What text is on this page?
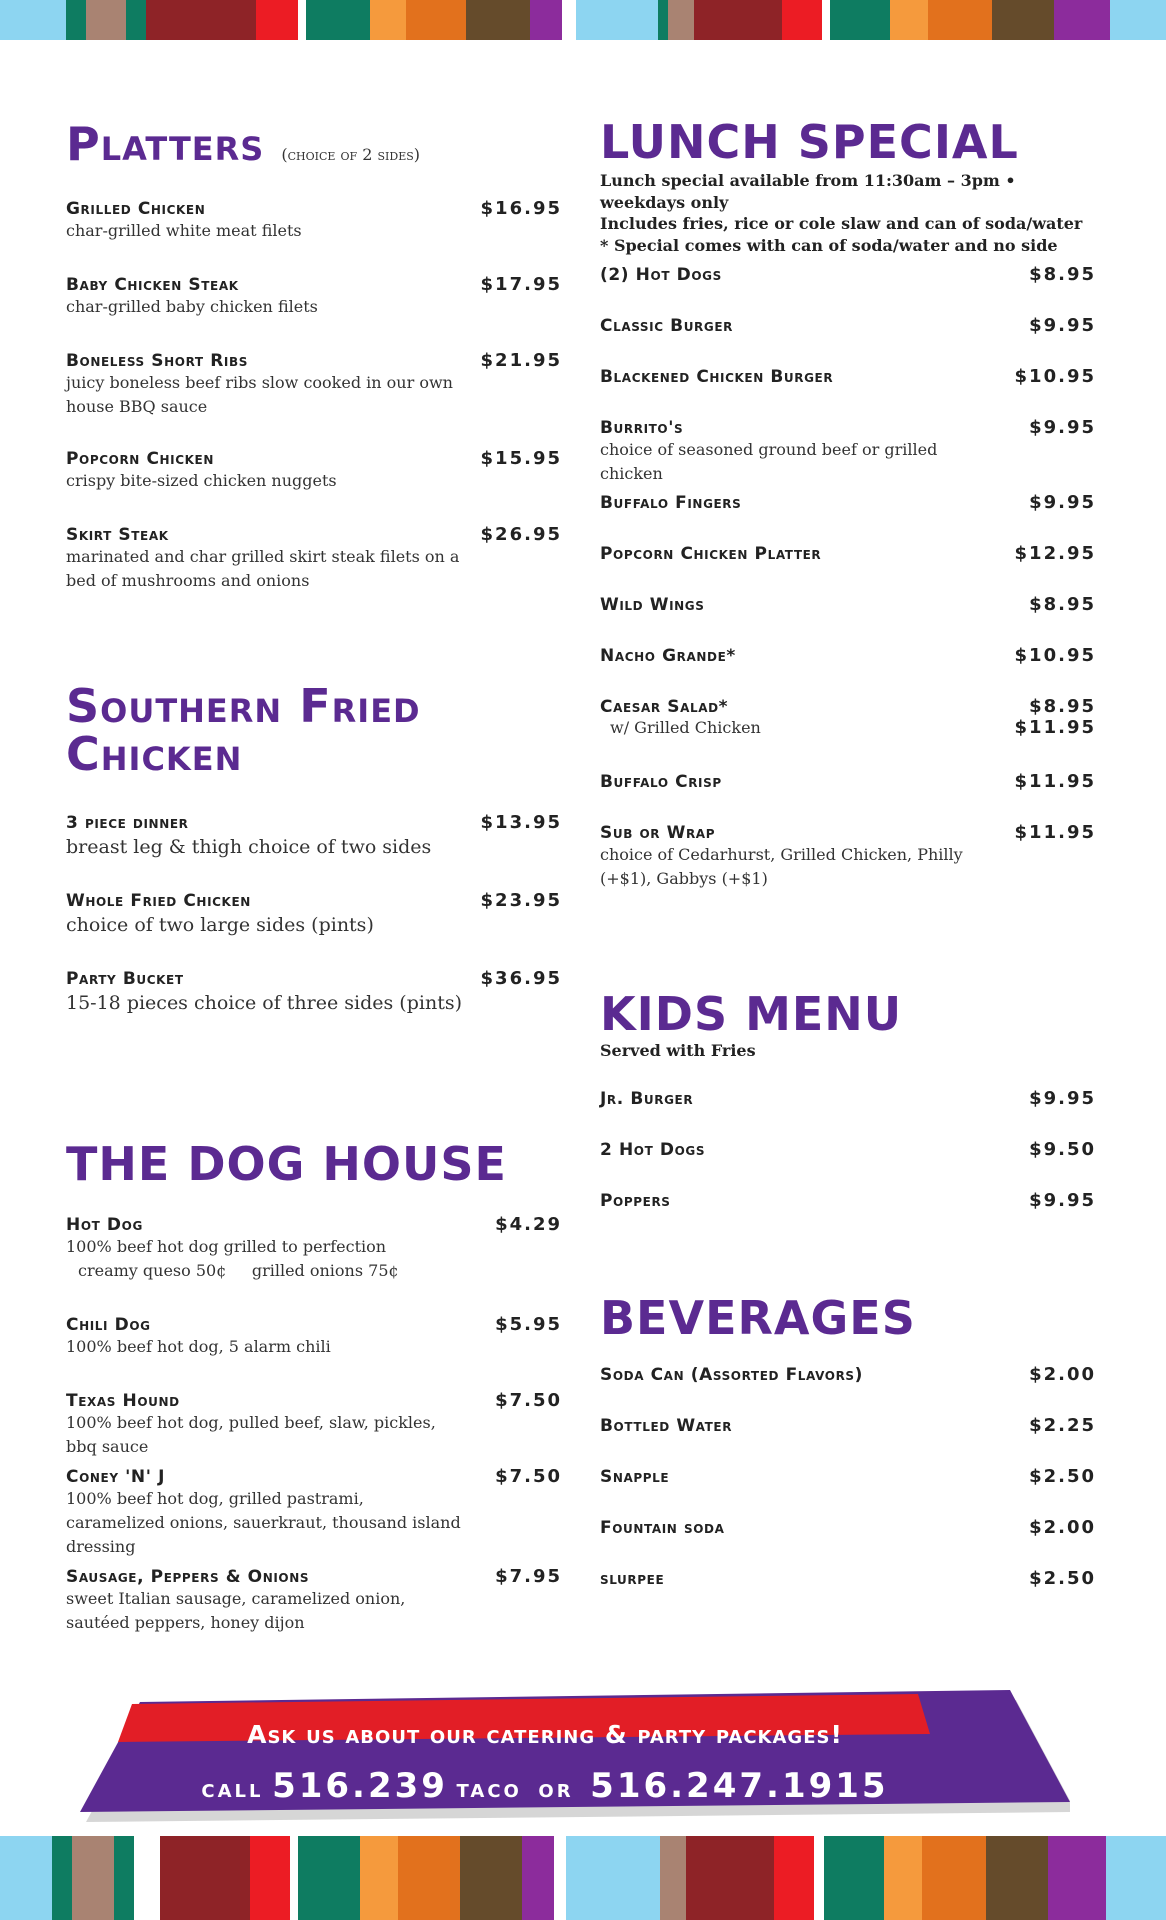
Platters (choice of 2 sides)
Grilled Chicken	$16.95
char-grilled white meat filets
Baby Chicken Steak	$17.95
char-grilled baby chicken filets
Boneless Short Ribs	$21.95
juicy boneless beef ribs slow cooked in our own house BBQ sauce
Popcorn Chicken	$15.95
crispy bite-sized chicken nuggets
Skirt Steak	$26.95
marinated and char grilled skirt steak filets on a bed of mushrooms and onions
Southern Fried
Chicken
3 piece dinner	$13.95
breast leg & thigh choice of two sides
Whole Fried Chicken	$23.95
choice of two large sides (pints)
Party Bucket	$36.95
15-18 pieces choice of three sides (pints)
THE DOG HOUSE
Hot Dog	$4.29
100% beef hot dog grilled to perfection
creamy queso 50¢     grilled onions 75¢
Chili Dog	$5.95
100% beef hot dog, 5 alarm chili
Texas Hound	$7.50
100% beef hot dog, pulled beef, slaw, pickles, bbq sauce
Coney 'N' J	$7.50
100% beef hot dog, grilled pastrami, caramelized onions, sauerkraut, thousand island dressing
Sausage, Peppers & Onions	$7.95
sweet Italian sausage, caramelized onion, sautéed peppers, honey dijon
LUNCH SPECIAL
Lunch special available from 11:30am – 3pm • weekdays only
Includes fries, rice or cole slaw and can of soda/water
* Special comes with can of soda/water and no side
(2) Hot Dogs	$8.95
Classic Burger	$9.95
Blackened Chicken Burger	$10.95
Burrito's	$9.95
choice of seasoned ground beef or grilled chicken
Buffalo Fingers	$9.95
Popcorn Chicken Platter	$12.95
Wild Wings	$8.95
Nacho Grande*	$10.95
Caesar Salad*	$8.95
w/ Grilled Chicken	$11.95
Buffalo Crisp	$11.95
Sub or Wrap	$11.95
choice of Cedarhurst, Grilled Chicken, Philly (+$1), Gabbys (+$1)
KIDS MENU
Served with Fries
Jr. Burger	$9.95
2 Hot Dogs	$9.50
Poppers	$9.95
BEVERAGES
Soda Can (Assorted Flavors)	$2.00
Bottled Water	$2.25
Snapple	$2.50
Fountain soda	$2.00
slurpee	$2.50
Ask us about our catering & party packages!
call 516.239 taco or 516.247.1915
